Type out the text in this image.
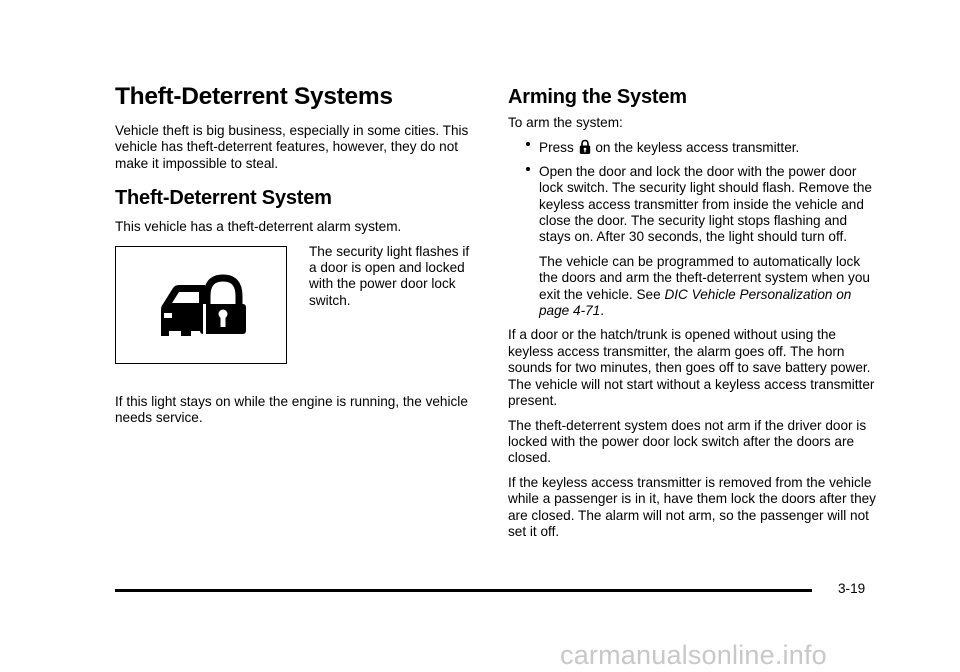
Theft-Deterrent Systems

Vehicle theft is big business, especially in some cities. This vehicle has theft-deterrent features, however, they do not make it impossible to steal.

Theft-Deterrent System

This vehicle has a theft-deterrent alarm system.

The security light flashes if a door is open and locked with the power door lock switch.

If this light stays on while the engine is running, the vehicle needs service.

Arming the System

To arm the system:

Press on the keyless access transmitter.
Open the door and lock the door with the power door lock switch. The security light should flash. Remove the keyless access transmitter from inside the vehicle and close the door. The security light stops flashing and stays on. After 30 seconds, the light should turn off.

The vehicle can be programmed to automatically lock the doors and arm the theft-deterrent system when you exit the vehicle. See DIC Vehicle Personalization on page 4-71.

If a door or the hatch/trunk is opened without using the keyless access transmitter, the alarm goes off. The horn sounds for two minutes, then goes off to save battery power. The vehicle will not start without a keyless access transmitter present.

The theft-deterrent system does not arm if the driver door is locked with the power door lock switch after the doors are closed.

If the keyless access transmitter is removed from the vehicle while a passenger is in it, have them lock the doors after they are closed. The alarm will not arm, so the passenger will not set it off.

3-19
carmanualsonline.info
